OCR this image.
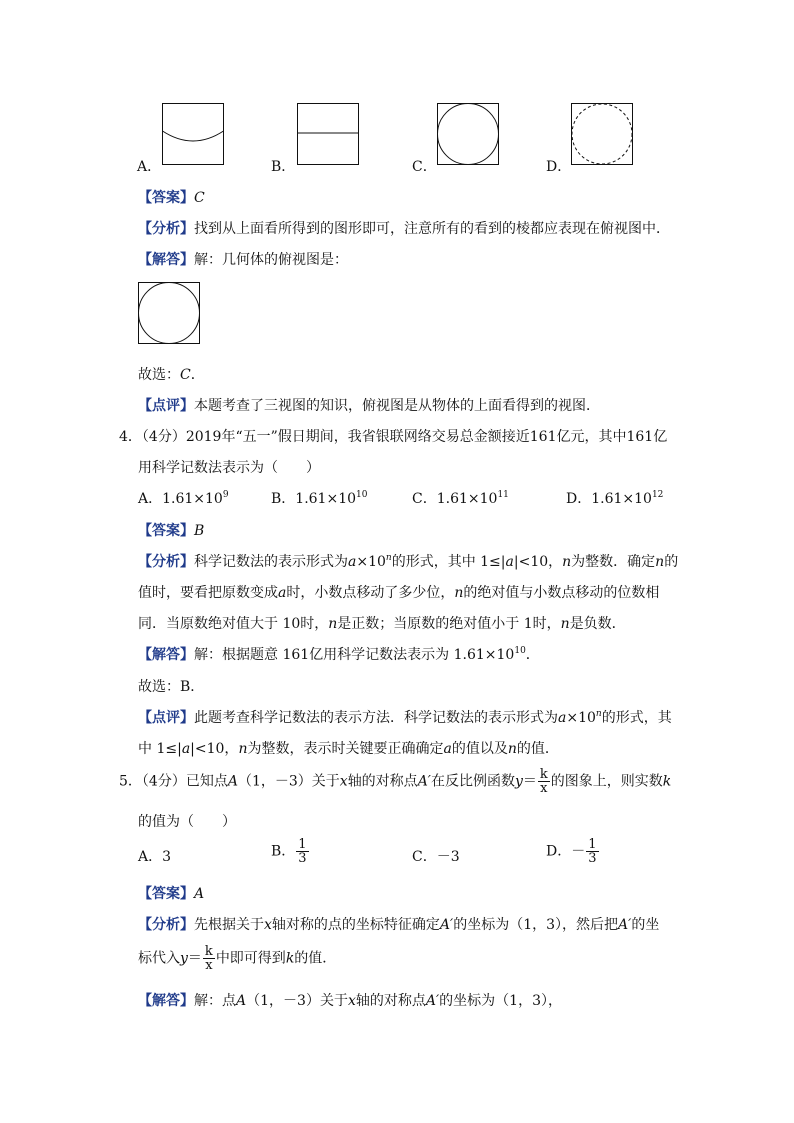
A．	B．	C．	D．
【答案】C
【分析】找到从上面看所得到的图形即可，注意所有的看到的棱都应表现在俯视图中．
【解答】解：几何体的俯视图是：
故选：C．
【点评】本题考查了三视图的知识，俯视图是从物体的上面看得到的视图．
4．（4分）2019年“五一”假日期间，我省银联网络交易总金额接近161亿元，其中161亿
用科学记数法表示为（　　）
A．$1.61\times 10^9$	B．$1.61\times 10^{10}$	C．$1.61\times 10^{11}$	D．$1.61\times 10^{12}$
【答案】B
【分析】科学记数法的表示形式为$a\times 10^n$的形式，其中 1≤|a|<10，n为整数．确定n的
值时，要看把原数变成a时，小数点移动了多少位，n的绝对值与小数点移动的位数相
同．当原数绝对值大于 10时，n是正数；当原数的绝对值小于 1时，n是负数．
【解答】解：根据题意 161亿用科学记数法表示为 $1.61\times 10^{10}$．
故选：B．
【点评】此题考查科学记数法的表示方法．科学记数法的表示形式为$a\times 10^n$的形式，其
中 1≤|a|<10，n为整数，表示时关键要正确确定a的值以及n的值．
5．（4分）已知点A（1，－3）关于x轴的对称点A′在反比例函数$y= \frac{k}{x}$ 的图象上，则实数k
的值为（　　）
A．3	B． $\frac{1}{3}$	C．－3	D．－ $\frac{1}{3}$
【答案】A
【分析】先根据关于x轴对称的点的坐标特征确定A′的坐标为（1，3），然后把A′的坐
标代入$y= \frac{k}{x}$ 中即可得到k的值．
【解答】解：点A（1，－3）关于x轴的对称点A′的坐标为（1，3），
